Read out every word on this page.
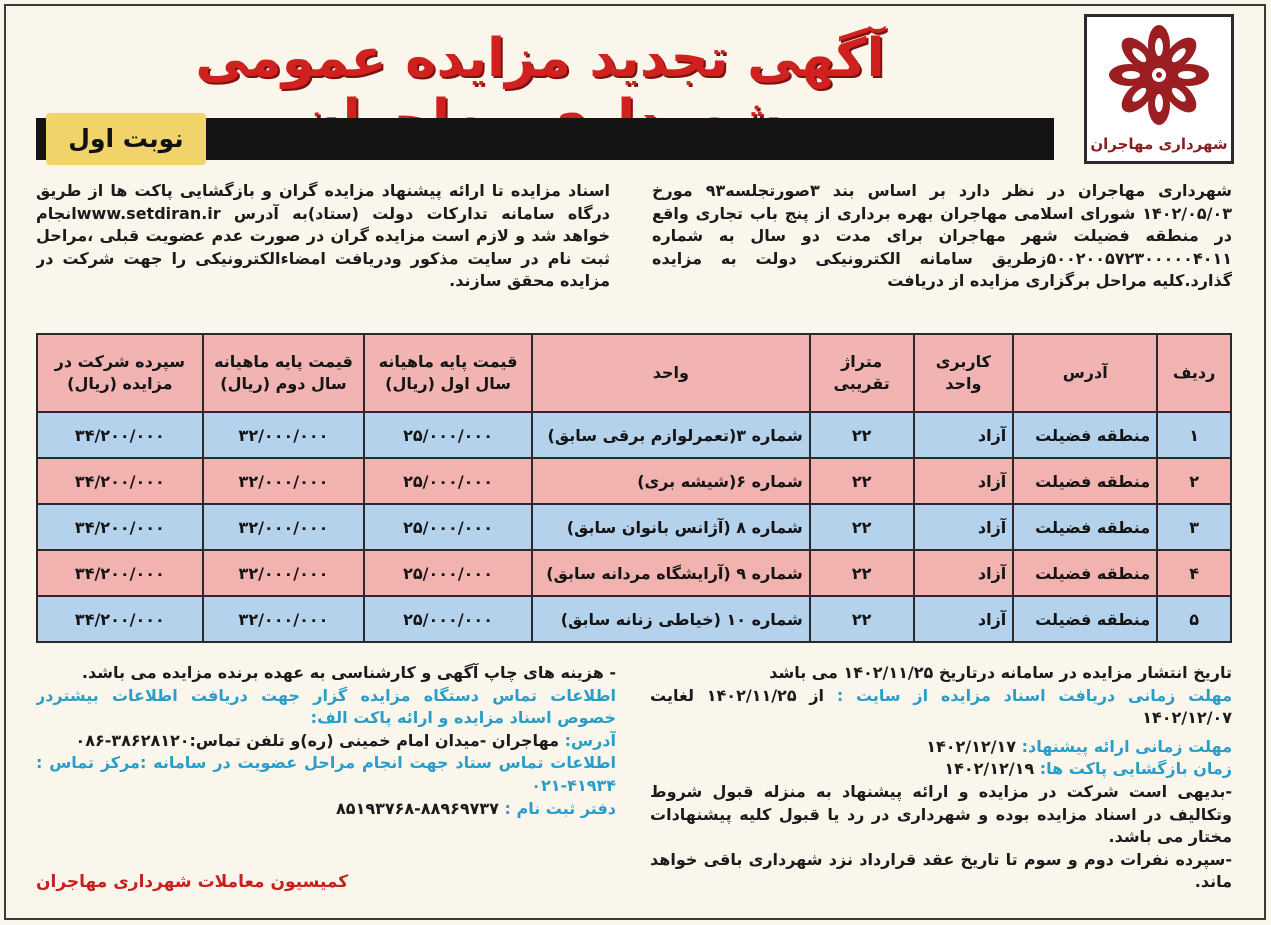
شهرداری مهاجران
آگهی تجدید مزایده عمومی
نوبت اول
شهرداری مهاجران در نظر دارد بر اساس بند ۳صورتجلسه۹۳ مورخ ۱۴۰۲/۰۵/۰۳ شورای اسلامی مهاجران بهره برداری از پنج باب تجاری واقع در منطقه فضیلت شهر مهاجران برای مدت دو سال به شماره ۵۰۰۲۰۰۵۷۲۳۰۰۰۰۰۴۰۱۱زطریق سامانه الکترونیکی دولت به مزایده گذارد.کلیه مراحل برگزاری مزایده از دریافت
اسناد مزایده تا ارائه پیشنهاد مزایده گران و بازگشایی پاکت ها از طریق درگاه سامانه تدارکات دولت (ستاد)به آدرس www.setdiran.irانجام خواهد شد و لازم است مزایده گران در صورت عدم عضویت قبلی ،مراحل ثبت نام در سایت مذکور ودریافت امضاءالکترونیکی را جهت شرکت در مزایده محقق سازند.
ردیف	آدرس	کاربری واحد	متراژ تقریبی	واحد	قیمت پایه ماهیانه سال اول (ریال)	قیمت پایه ماهیانه سال دوم (ریال)	سپرده شرکت در مزایده (ریال)
۱	منطقه فضیلت	آزاد	۲۲	شماره ۳(تعمرلوازم برقی سابق)	۲۵/۰۰۰/۰۰۰	۳۲/۰۰۰/۰۰۰	۳۴/۲۰۰/۰۰۰
۲	منطقه فضیلت	آزاد	۲۲	شماره ۶(شیشه بری)	۲۵/۰۰۰/۰۰۰	۳۲/۰۰۰/۰۰۰	۳۴/۲۰۰/۰۰۰
۳	منطقه فضیلت	آزاد	۲۲	شماره ۸ (آژانس بانوان سابق)	۲۵/۰۰۰/۰۰۰	۳۲/۰۰۰/۰۰۰	۳۴/۲۰۰/۰۰۰
۴	منطقه فضیلت	آزاد	۲۲	شماره ۹ (آرایشگاه مردانه سابق)	۲۵/۰۰۰/۰۰۰	۳۲/۰۰۰/۰۰۰	۳۴/۲۰۰/۰۰۰
۵	منطقه فضیلت	آزاد	۲۲	شماره ۱۰ (خیاطی زنانه سابق)	۲۵/۰۰۰/۰۰۰	۳۲/۰۰۰/۰۰۰	۳۴/۲۰۰/۰۰۰
تاریخ انتشار مزایده در سامانه درتاریخ ۱۴۰۲/۱۱/۲۵ می باشد
مهلت زمانی دریافت اسناد مزایده از سایت : از ۱۴۰۲/۱۱/۲۵ لغایت ۱۴۰۲/۱۲/۰۷
مهلت زمانی ارائه پیشنهاد: ۱۴۰۲/۱۲/۱۷
زمان بازگشایی پاکت ها: ۱۴۰۲/۱۲/۱۹
-بدیهی است شرکت در مزایده و ارائه پیشنهاد به منزله قبول شروط وتکالیف در اسناد مزایده بوده و شهرداری در رد یا قبول کلیه پیشنهادات مختار می باشد.
-سپرده نفرات دوم و سوم تا تاریخ عقد قرارداد نزد شهرداری باقی خواهد ماند.
- هزینه های چاپ آگهی و کارشناسی به عهده برنده مزایده می باشد.
اطلاعات تماس دستگاه مزایده گزار جهت دریافت اطلاعات بیشتردر خصوص اسناد مزایده و ارائه پاکت الف:
آدرس: مهاجران -میدان امام خمینی (ره)و تلفن تماس:۳۸۶۲۸۱۲۰-۰۸۶
اطلاعات تماس ستاد جهت انجام مراحل عضویت در سامانه :مرکز تماس : ۴۱۹۳۴-۰۲۱
دفتر ثبت نام : ۸۸۹۶۹۷۳۷-۸۵۱۹۳۷۶۸
کمیسیون معاملات شهرداری مهاجران
